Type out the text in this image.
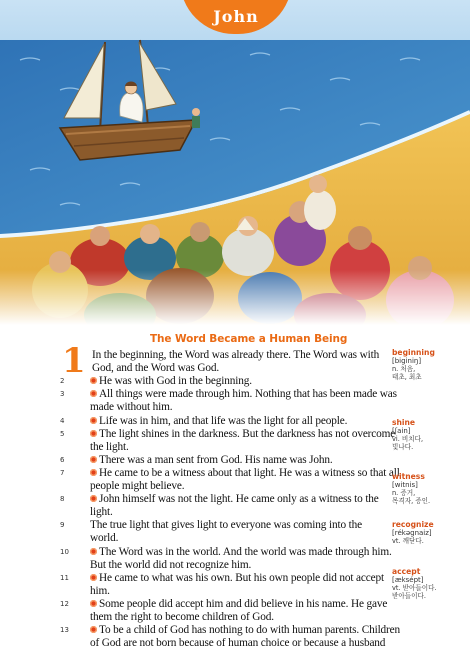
John
The Word Became a Human Being
1 In the beginning, the Word was already there. The Word was with
God, and the Word was God.
He was with God in the beginning.
2
All things were made through him. Nothing that has been made was
made without him.
3
Life was in him, and that life was the light for all people.
4
The light shines in the darkness. But the darkness has not overcome
the light.
5
There was a man sent from God. His name was John.
6
He came to be a witness about that light. He was a witness so that all
people might believe.
7
John himself was not the light. He came only as a witness to the
light.
8
The true light that gives light to everyone was coming into the
world.
9
The Word was in the world. And the world was made through him.
But the world did not recognize him.
10
He came to what was his own. But his own people did not accept
him.
11
Some people did accept him and did believe in his name. He gave
them the right to become children of God.
12
To be a child of God has nothing to do with human parents. Children
of God are not born because of human choice or because a husband
13
beginning
[biginiŋ]
n. 처음,
태초, 최초
shine
[ʃain]
vi. 비치다,
빛나다.
witness
[witnis]
n. 증거,
목격자, 증인.
recognize
[rékəgnaiz]
vt. 깨닫다.
accept
[æksépt]
vt. 받아들이다.
받아들이다.
